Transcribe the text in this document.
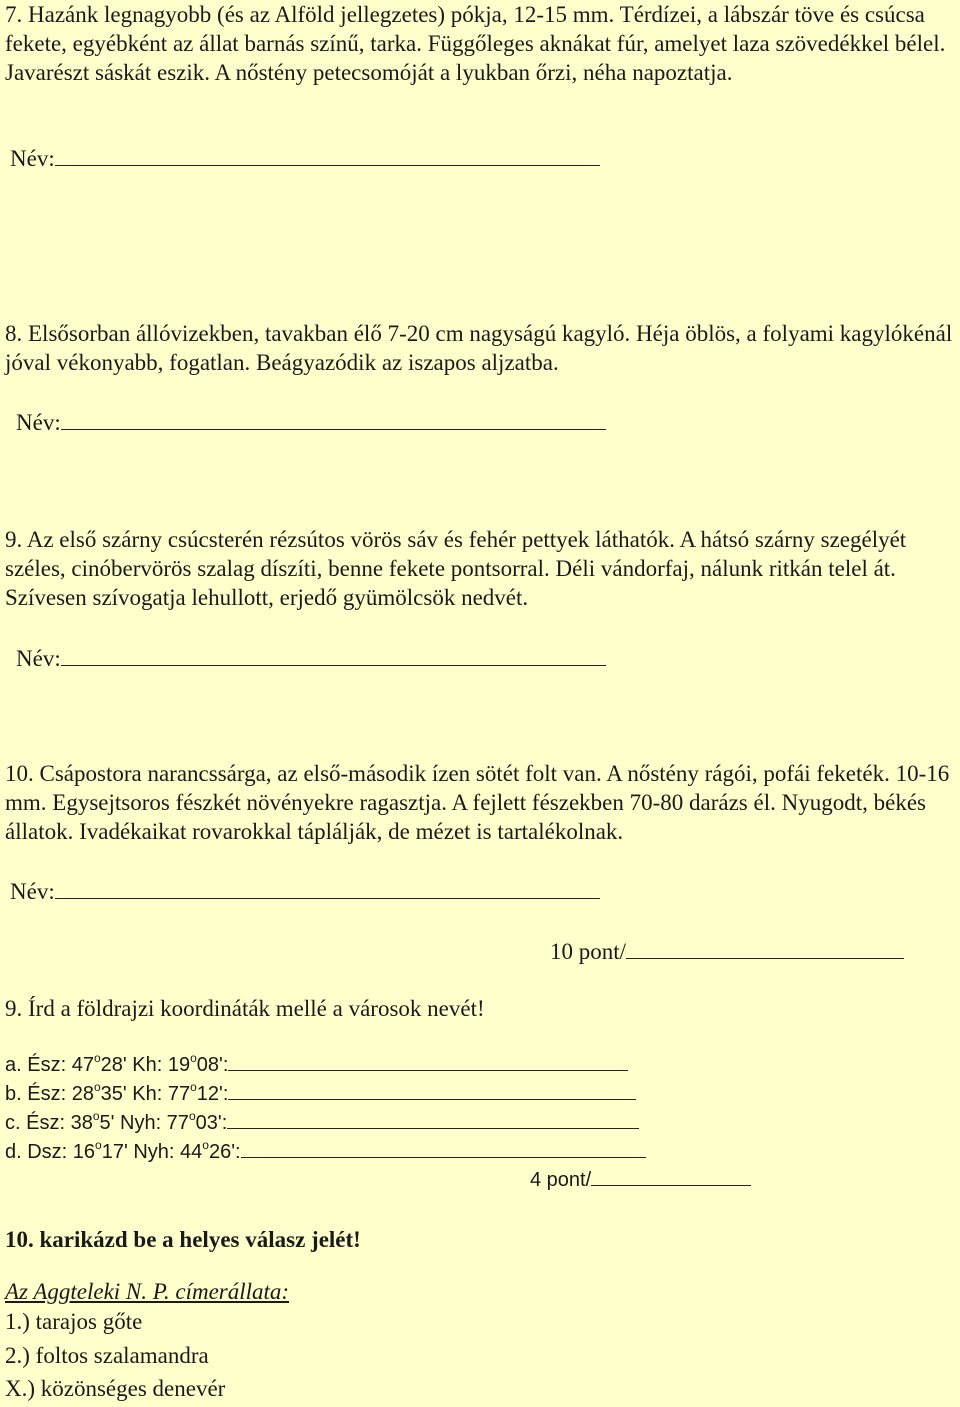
7. Hazánk legnagyobb (és az Alföld jellegzetes) pókja, 12-15 mm. Térdízei, a lábszár töve és csúcsa fekete, egyébként az állat barnás színű, tarka. Függőleges aknákat fúr, amelyet laza szövedékkel bélel. Javarészt sáskát eszik. A nőstény petecsomóját a lyukban őrzi, néha napoztatja.

Név:

8. Elsősorban állóvizekben, tavakban élő 7-20 cm nagyságú kagyló. Héja öblös, a folyami kagylókénál jóval vékonyabb, fogatlan. Beágyazódik az iszapos aljzatba.

Név:

9. Az első szárny csúcsterén rézsútos vörös sáv és fehér pettyek láthatók. A hátsó szárny szegélyét széles, cinóbervörös szalag díszíti, benne fekete pontsorral. Déli vándorfaj, nálunk ritkán telel át. Szívesen szívogatja lehullott, erjedő gyümölcsök nedvét.

Név:

10. Csápostora narancssárga, az első-második ízen sötét folt van. A nőstény rágói, pofái feketék. 10-16 mm. Egysejtsoros fészkét növényekre ragasztja. A fejlett fészekben 70-80 darázs él. Nyugodt, békés állatok. Ivadékaikat rovarokkal táplálják, de mézet is tartalékolnak.

Név:
10 pont/
9. Írd a földrajzi koordináták mellé a városok nevét!
a. Ész: 47$^o$28' Kh: 19$^o$08':
b. Ész: 28$^o$35' Kh: 77$^o$12':
c. Ész: 38$^o$5' Nyh: 77$^o$03':
d. Dsz: 16$^o$17' Nyh: 44$^o$26':
4 pont/
10. karikázd be a helyes válasz jelét!
Az Aggteleki N. P. címerállata:
1.) tarajos gőte
2.) foltos szalamandra
X.) közönséges denevér
